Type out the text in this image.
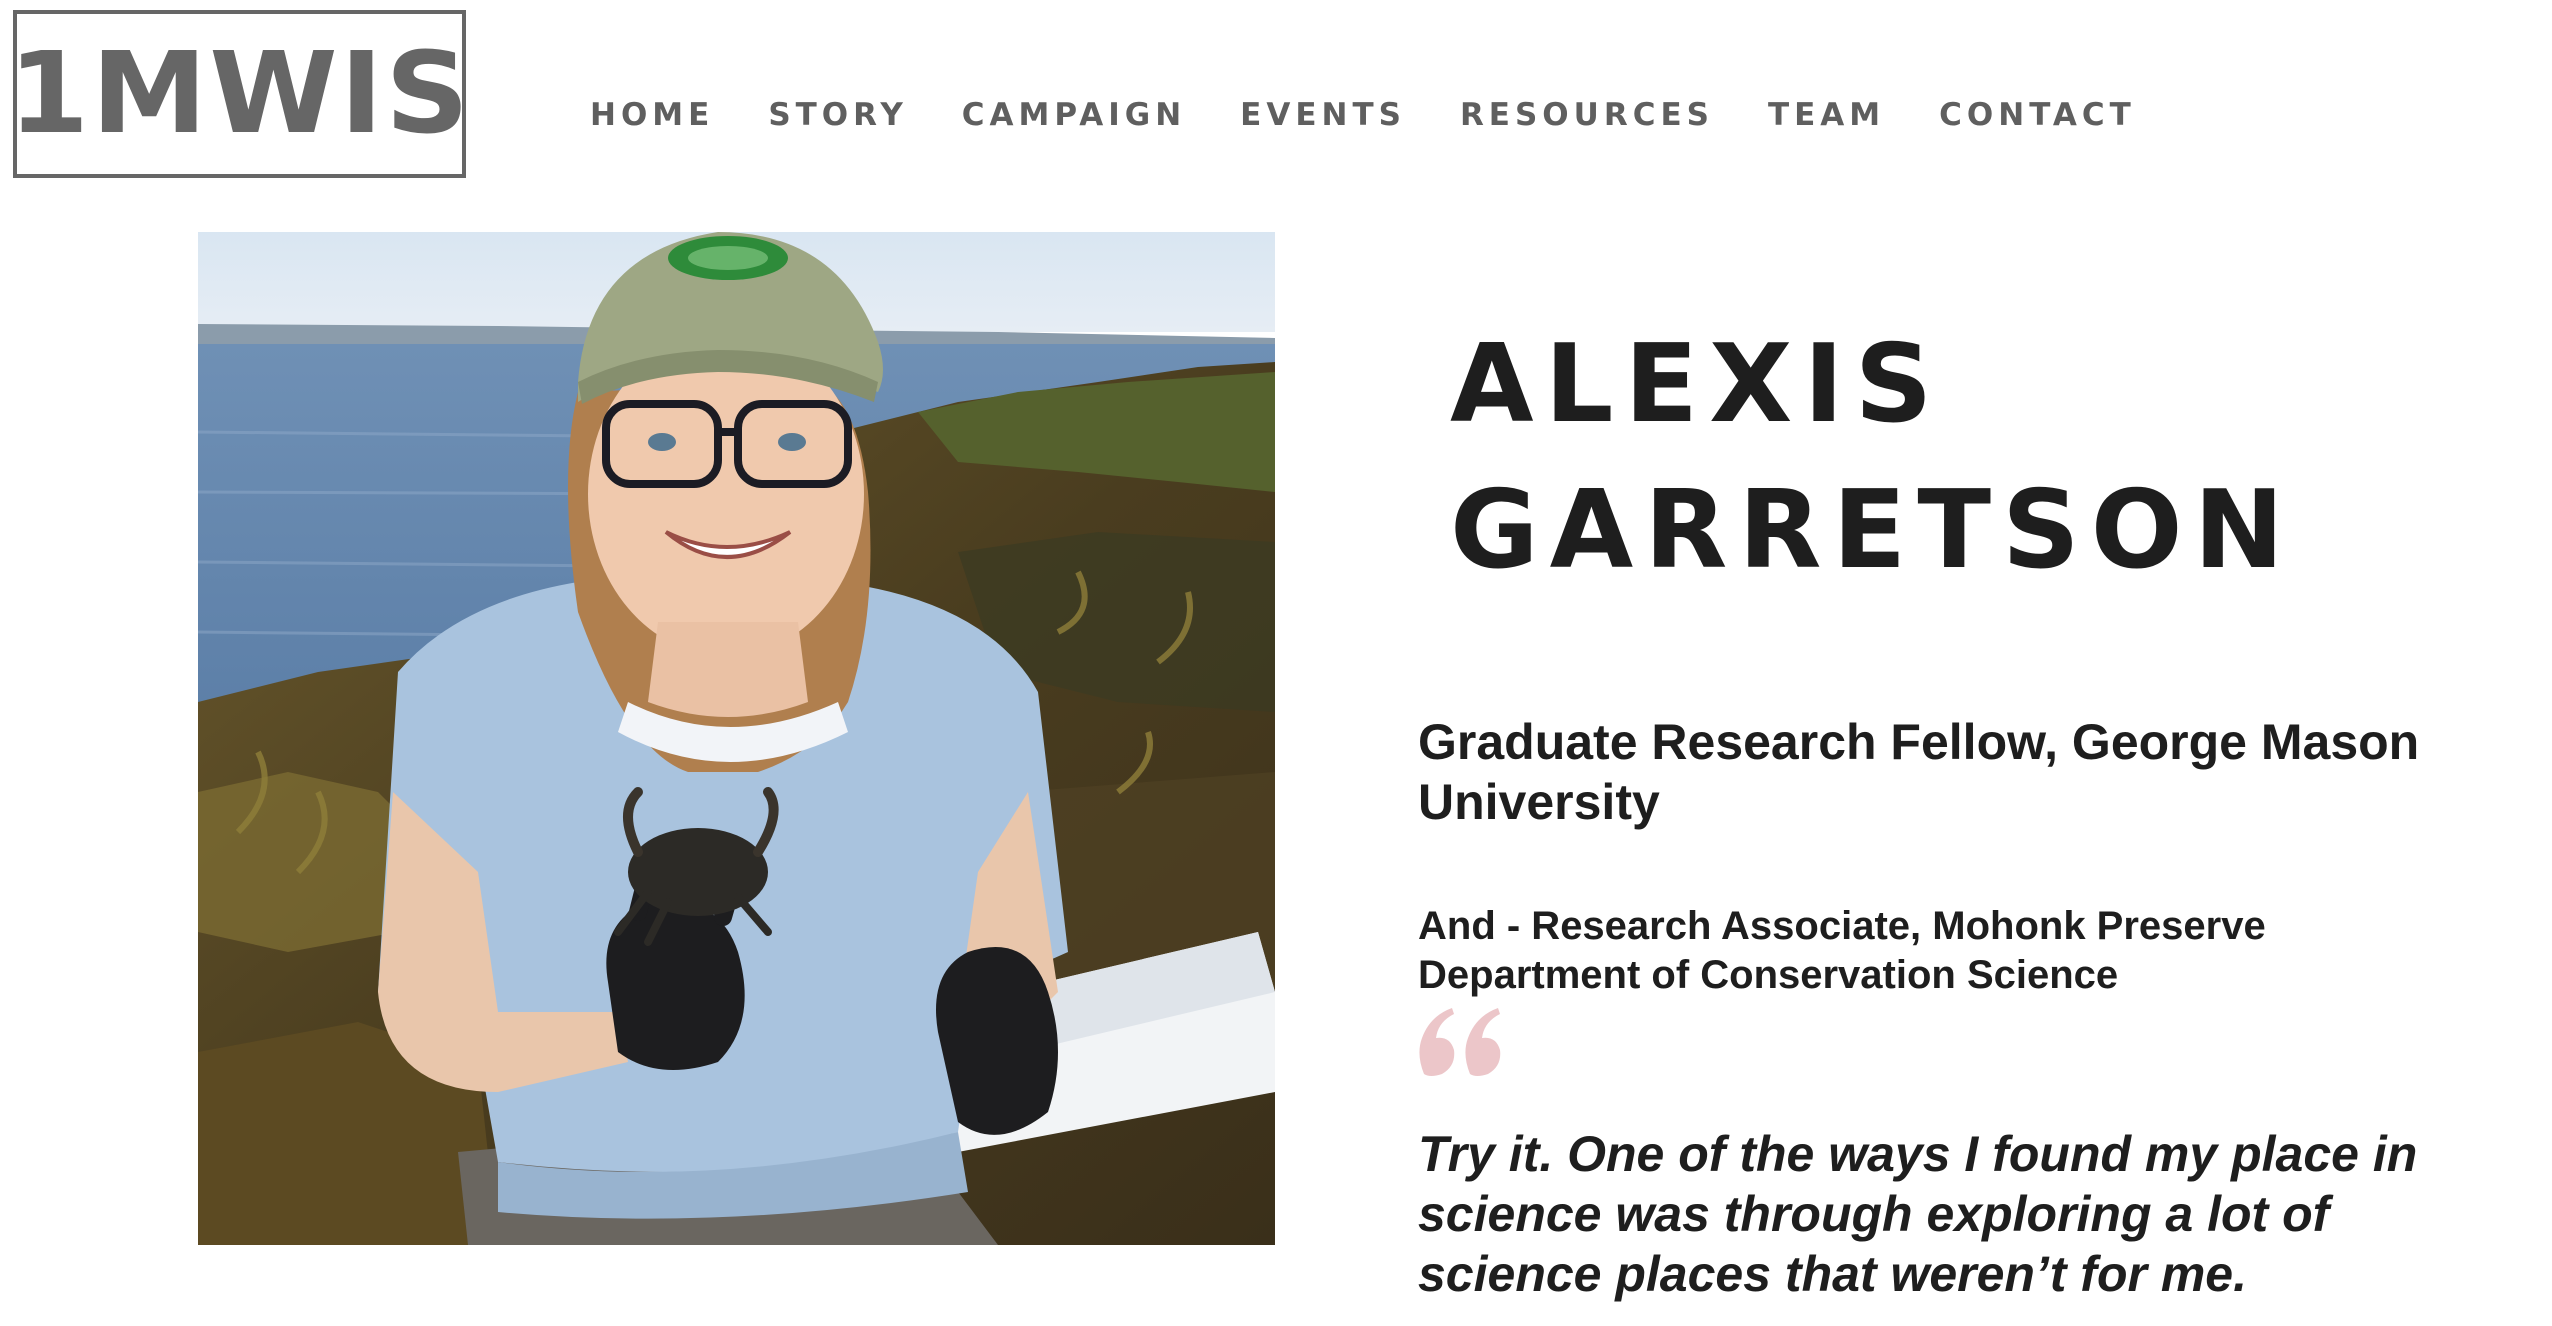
1MWIS	HOME STORY CAMPAIGN EVENTS RESOURCES TEAM CONTACT
ALEXIS
GARRETSON

Graduate Research Fellow, George Mason University

And - Research Associate, Mohonk Preserve Department of Conservation Science

Try it. One of the ways I found my place in science was through exploring a lot of science places that weren’t for me.
